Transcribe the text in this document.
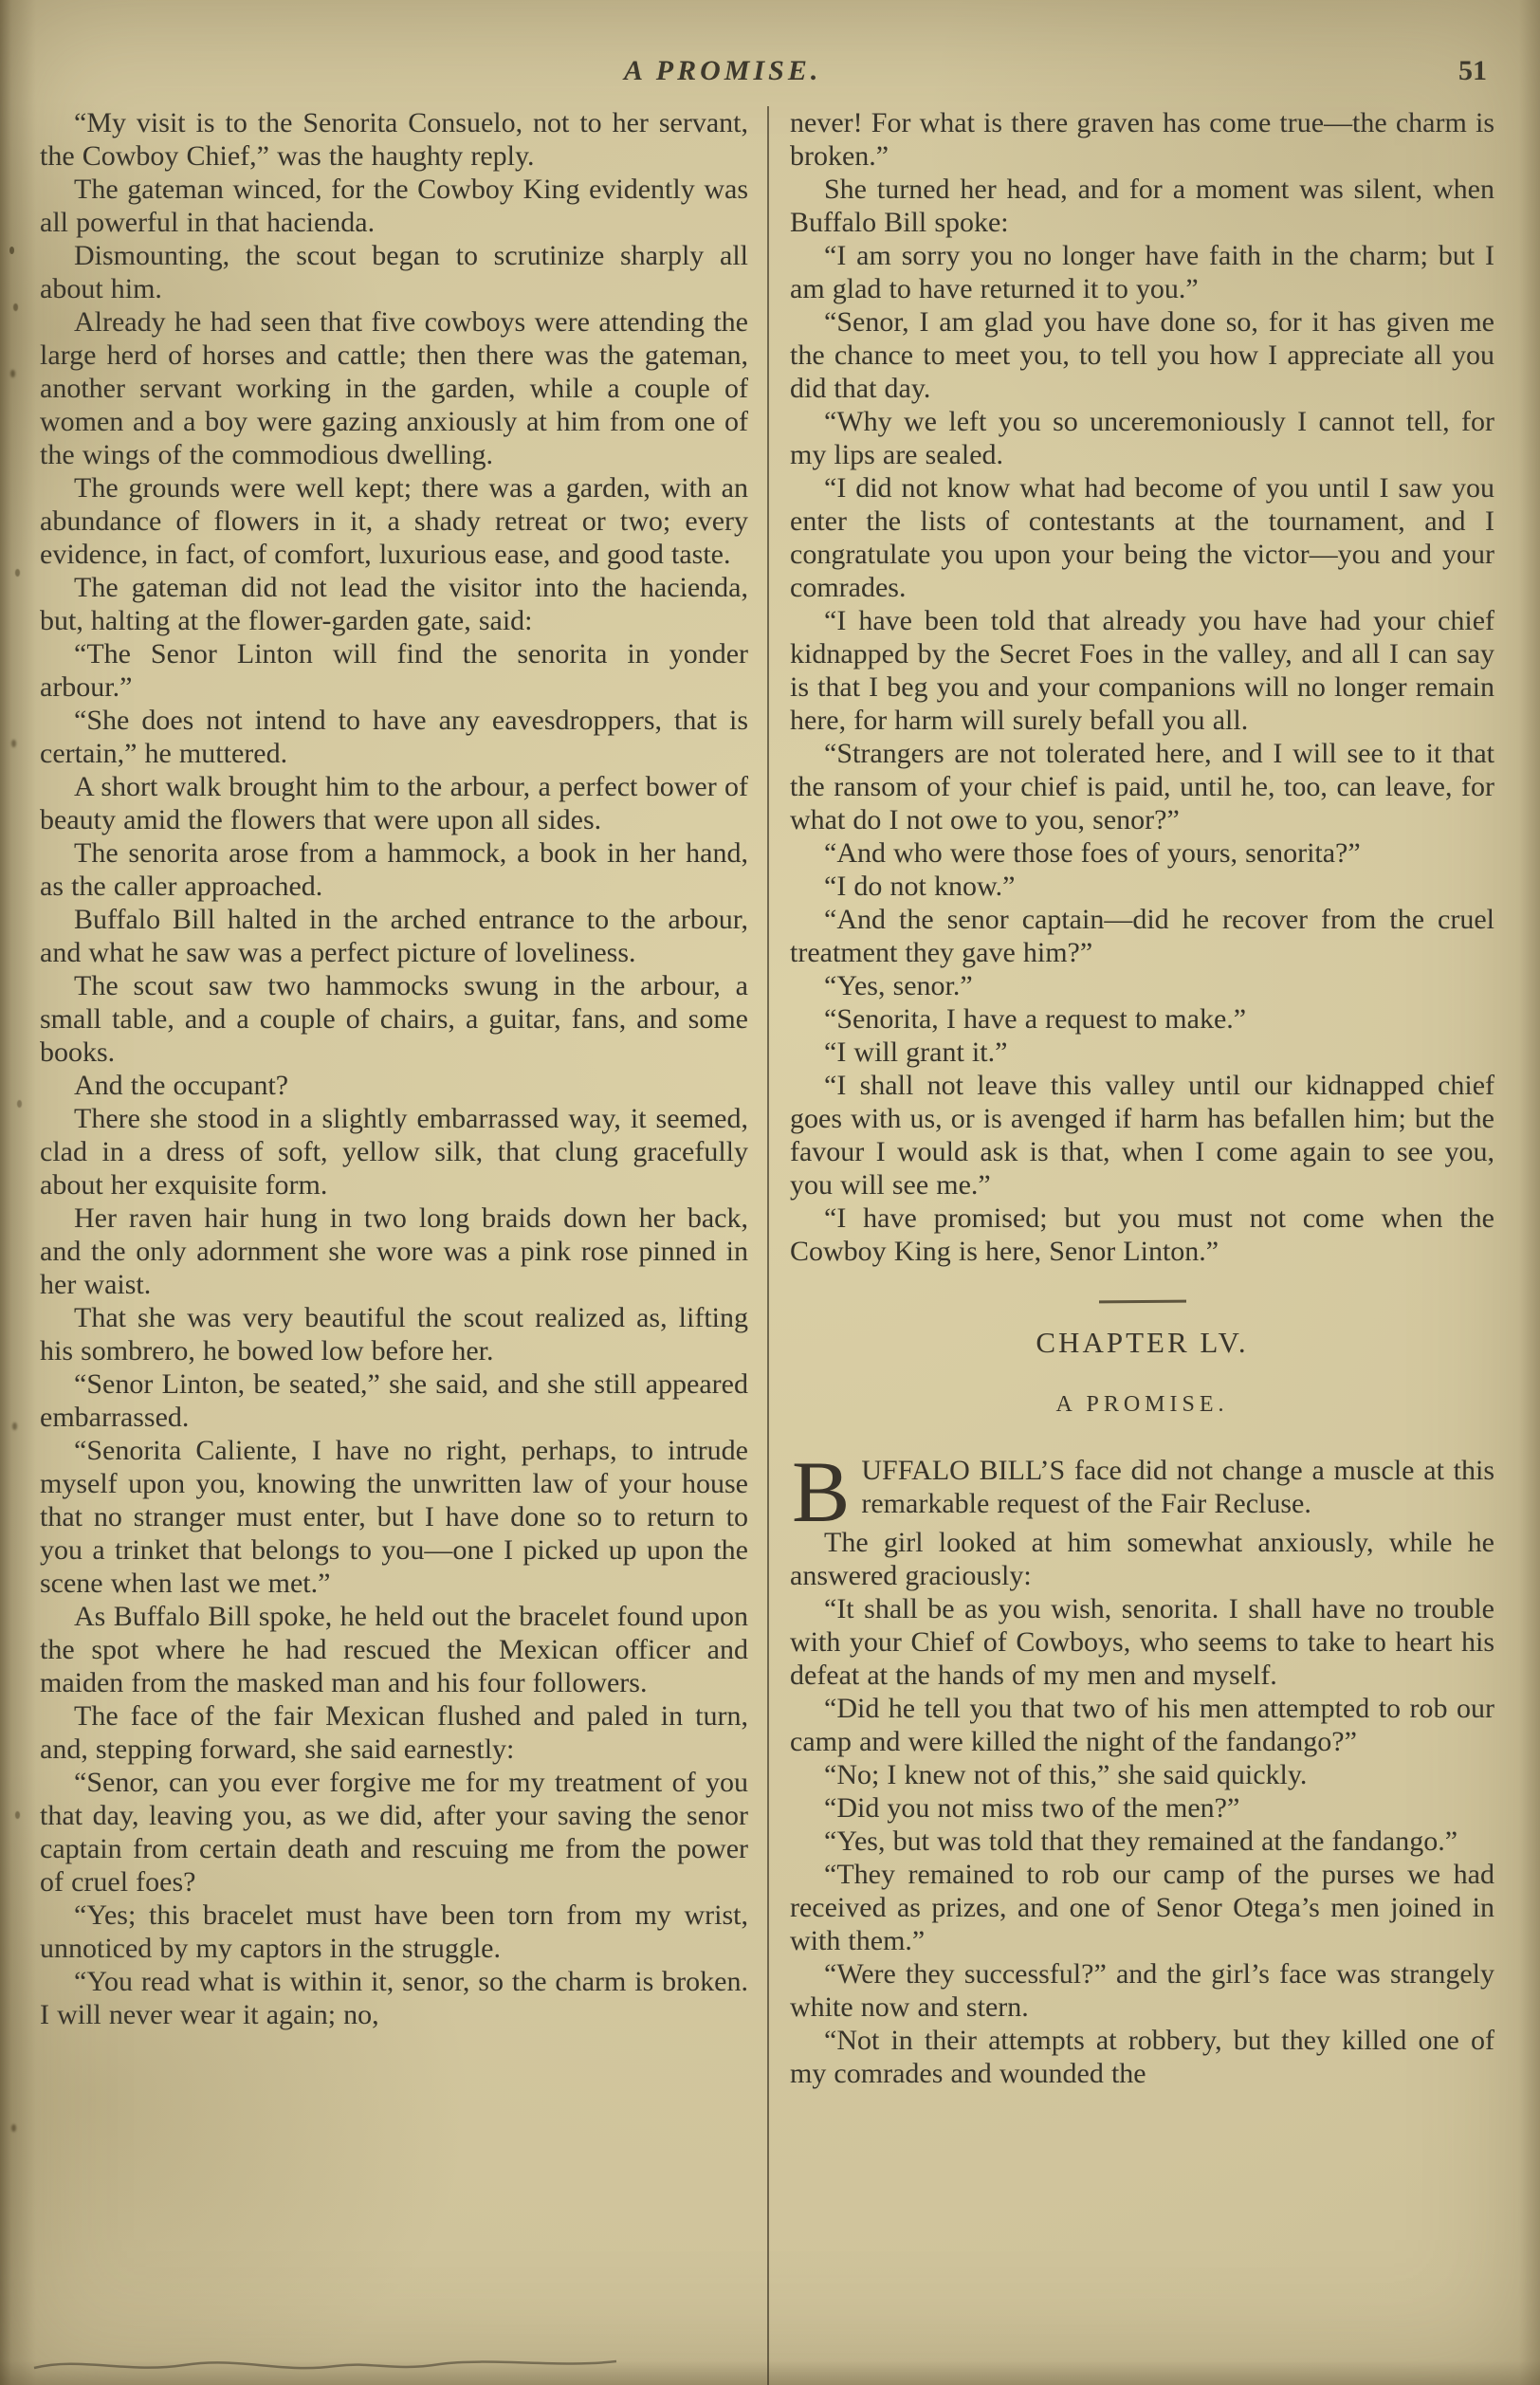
A PROMISE.	51

“My visit is to the Senorita Consuelo, not to her servant, the Cowboy Chief,” was the haughty reply.

The gateman winced, for the Cowboy King evidently was all powerful in that hacienda.

Dismounting, the scout began to scrutinize sharply all about him.

Already he had seen that five cowboys were attending the large herd of horses and cattle; then there was the gateman, another servant working in the garden, while a couple of women and a boy were gazing anxiously at him from one of the wings of the commodious dwelling.

The grounds were well kept; there was a garden, with an abundance of flowers in it, a shady retreat or two; every evidence, in fact, of comfort, luxurious ease, and good taste.

The gateman did not lead the visitor into the hacienda, but, halting at the flower-garden gate, said:

“The Senor Linton will find the senorita in yonder arbour.”

“She does not intend to have any eavesdroppers, that is certain,” he muttered.

A short walk brought him to the arbour, a perfect bower of beauty amid the flowers that were upon all sides.

The senorita arose from a hammock, a book in her hand, as the caller approached.

Buffalo Bill halted in the arched entrance to the arbour, and what he saw was a perfect picture of loveliness.

The scout saw two hammocks swung in the arbour, a small table, and a couple of chairs, a guitar, fans, and some books.

And the occupant?

There she stood in a slightly embarrassed way, it seemed, clad in a dress of soft, yellow silk, that clung gracefully about her exquisite form.

Her raven hair hung in two long braids down her back, and the only adornment she wore was a pink rose pinned in her waist.

That she was very beautiful the scout realized as, lifting his sombrero, he bowed low before her.

“Senor Linton, be seated,” she said, and she still appeared embarrassed.

“Senorita Caliente, I have no right, perhaps, to intrude myself upon you, knowing the unwritten law of your house that no stranger must enter, but I have done so to return to you a trinket that belongs to you—one I picked up upon the scene when last we met.”

As Buffalo Bill spoke, he held out the bracelet found upon the spot where he had rescued the Mexican officer and maiden from the masked man and his four followers.

The face of the fair Mexican flushed and paled in turn, and, stepping forward, she said earnestly:

“Senor, can you ever forgive me for my treatment of you that day, leaving you, as we did, after your saving the senor captain from certain death and rescuing me from the power of cruel foes?

“Yes; this bracelet must have been torn from my wrist, unnoticed by my captors in the struggle.

“You read what is within it, senor, so the charm is broken. I will never wear it again; no,

never! For what is there graven has come true—the charm is broken.”

She turned her head, and for a moment was silent, when Buffalo Bill spoke:

“I am sorry you no longer have faith in the charm; but I am glad to have returned it to you.”

“Senor, I am glad you have done so, for it has given me the chance to meet you, to tell you how I appreciate all you did that day.

“Why we left you so unceremoniously I cannot tell, for my lips are sealed.

“I did not know what had become of you until I saw you enter the lists of contestants at the tournament, and I congratulate you upon your being the victor—you and your comrades.

“I have been told that already you have had your chief kidnapped by the Secret Foes in the valley, and all I can say is that I beg you and your companions will no longer remain here, for harm will surely befall you all.

“Strangers are not tolerated here, and I will see to it that the ransom of your chief is paid, until he, too, can leave, for what do I not owe to you, senor?”

“And who were those foes of yours, senorita?”

“I do not know.”

“And the senor captain—did he recover from the cruel treatment they gave him?”

“Yes, senor.”

“Senorita, I have a request to make.”

“I will grant it.”

“I shall not leave this valley until our kidnapped chief goes with us, or is avenged if harm has befallen him; but the favour I would ask is that, when I come again to see you, you will see me.”

“I have promised; but you must not come when the Cowboy King is here, Senor Linton.”

CHAPTER LV.
A PROMISE.

BUFFALO BILL’S face did not change a muscle at this remarkable request of the Fair Recluse.

The girl looked at him somewhat anxiously, while he answered graciously:

“It shall be as you wish, senorita. I shall have no trouble with your Chief of Cowboys, who seems to take to heart his defeat at the hands of my men and myself.

“Did he tell you that two of his men attempted to rob our camp and were killed the night of the fandango?”

“No; I knew not of this,” she said quickly.

“Did you not miss two of the men?”

“Yes, but was told that they remained at the fandango.”

“They remained to rob our camp of the purses we had received as prizes, and one of Senor Otega’s men joined in with them.”

“Were they successful?” and the girl’s face was strangely white now and stern.

“Not in their attempts at robbery, but they killed one of my comrades and wounded the
